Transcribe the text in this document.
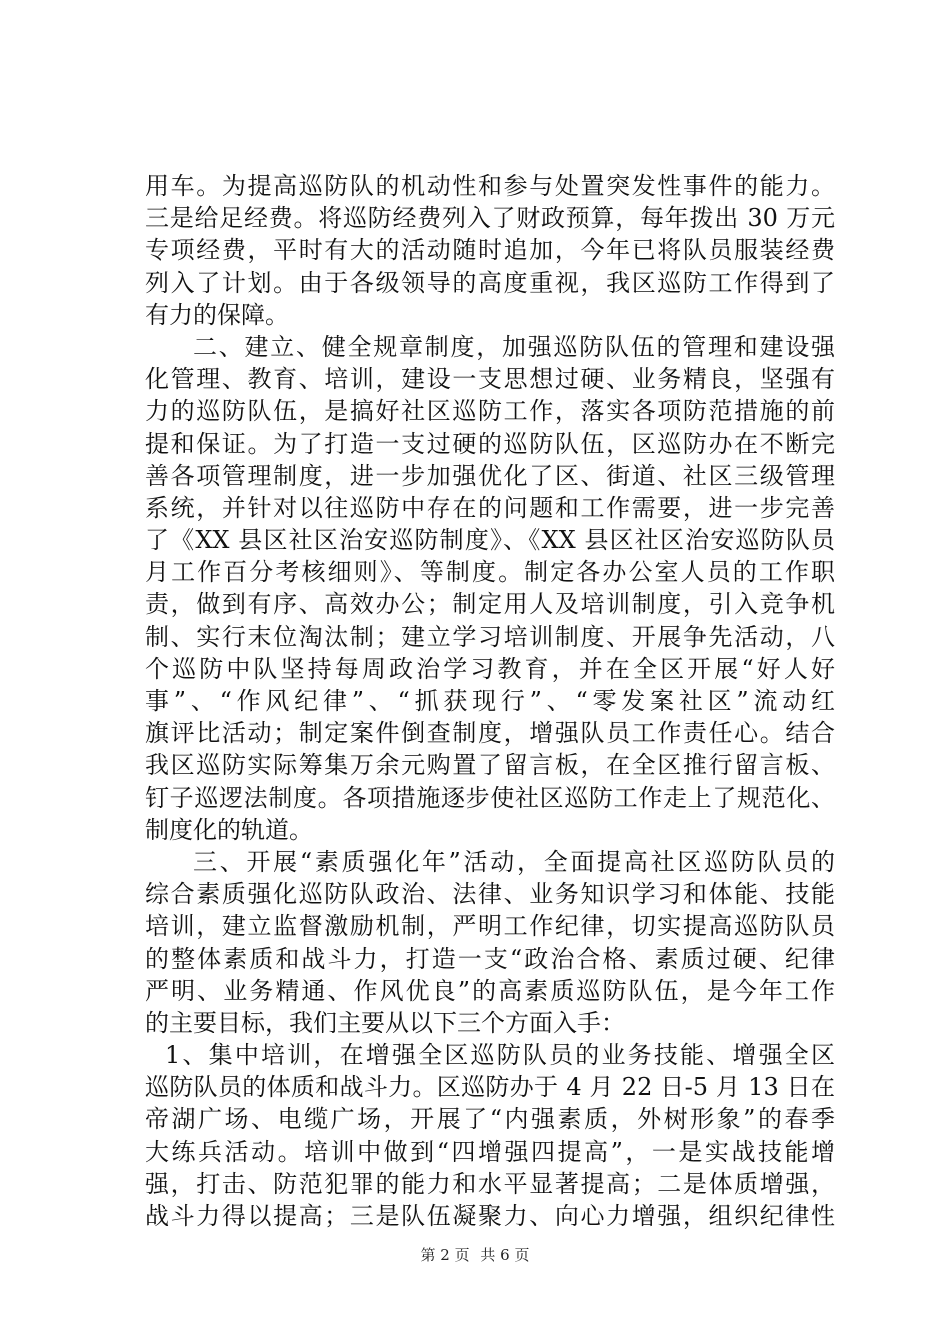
用车。为提高巡防队的机动性和参与处置突发性事件的能力。
三是给足经费。将巡防经费列入了财政预算，每年拨出 30 万元
专项经费，平时有大的活动随时追加，今年已将队员服装经费
列入了计划。由于各级领导的高度重视，我区巡防工作得到了
有力的保障。
二、建立、健全规章制度，加强巡防队伍的管理和建设强
化管理、教育、培训，建设一支思想过硬、业务精良，坚强有
力的巡防队伍，是搞好社区巡防工作，落实各项防范措施的前
提和保证。为了打造一支过硬的巡防队伍，区巡防办在不断完
善各项管理制度，进一步加强优化了区、街道、社区三级管理
系统，并针对以往巡防中存在的问题和工作需要，进一步完善
了《XX 县区社区治安巡防制度》、《XX 县区社区治安巡防队员
月工作百分考核细则》、等制度。制定各办公室人员的工作职
责，做到有序、高效办公；制定用人及培训制度，引入竞争机
制、实行末位淘汰制；建立学习培训制度、开展争先活动，八
个巡防中队坚持每周政治学习教育，并在全区开展“好人好
事”、“作风纪律”、“抓获现行”、“零发案社区”流动红
旗评比活动；制定案件倒查制度，增强队员工作责任心。结合
我区巡防实际筹集万余元购置了留言板，在全区推行留言板、
钉子巡逻法制度。各项措施逐步使社区巡防工作走上了规范化、
制度化的轨道。
三、开展“素质强化年”活动，全面提高社区巡防队员的
综合素质强化巡防队政治、法律、业务知识学习和体能、技能
培训，建立监督激励机制，严明工作纪律，切实提高巡防队员
的整体素质和战斗力，打造一支“政治合格、素质过硬、纪律
严明、业务精通、作风优良”的高素质巡防队伍，是今年工作
的主要目标，我们主要从以下三个方面入手：
1、集中培训，在增强全区巡防队员的业务技能、增强全区
巡防队员的体质和战斗力。区巡防办于 4 月 22 日-5 月 13 日在
帝湖广场、电缆广场，开展了“内强素质，外树形象”的春季
大练兵活动。培训中做到“四增强四提高”，一是实战技能增
强，打击、防范犯罪的能力和水平显著提高；二是体质增强，
战斗力得以提高；三是队伍凝聚力、向心力增强，组织纪律性
第 2 页 共 6 页
